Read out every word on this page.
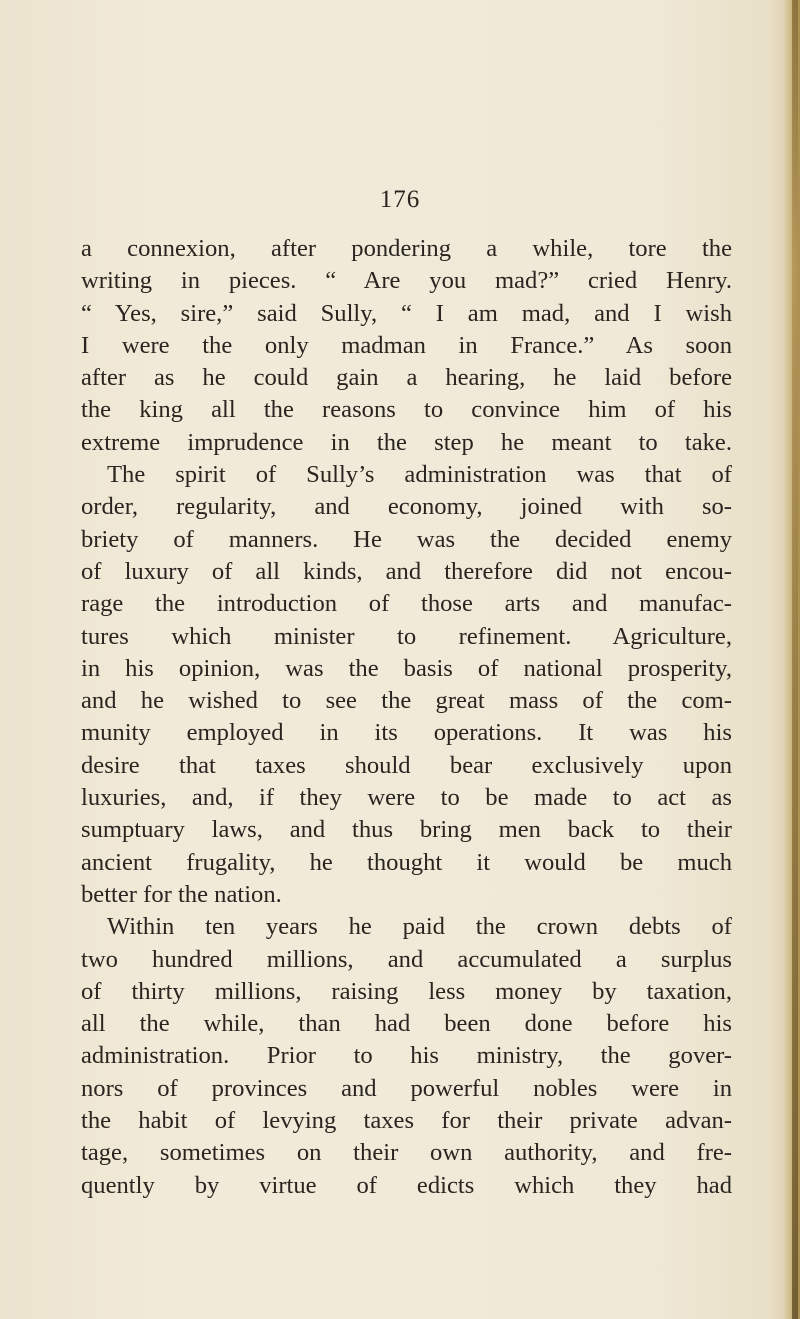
176
a connexion, after pondering a while, tore the
writing in pieces. “ Are you mad?” cried Henry.
“ Yes, sire,” said Sully, “ I am mad, and I wish
I were the only madman in France.” As soon
after as he could gain a hearing, he laid before
the king all the reasons to convince him of his
extreme imprudence in the step he meant to take.
The spirit of Sully’s administration was that of
order, regularity, and economy, joined with so-
briety of manners. He was the decided enemy
of luxury of all kinds, and therefore did not encou-
rage the introduction of those arts and manufac-
tures which minister to refinement. Agriculture,
in his opinion, was the basis of national prosperity,
and he wished to see the great mass of the com-
munity employed in its operations. It was his
desire that taxes should bear exclusively upon
luxuries, and, if they were to be made to act as
sumptuary laws, and thus bring men back to their
ancient frugality, he thought it would be much
better for the nation.
Within ten years he paid the crown debts of
two hundred millions, and accumulated a surplus
of thirty millions, raising less money by taxation,
all the while, than had been done before his
administration. Prior to his ministry, the gover-
nors of provinces and powerful nobles were in
the habit of levying taxes for their private advan-
tage, sometimes on their own authority, and fre-
quently by virtue of edicts which they had
